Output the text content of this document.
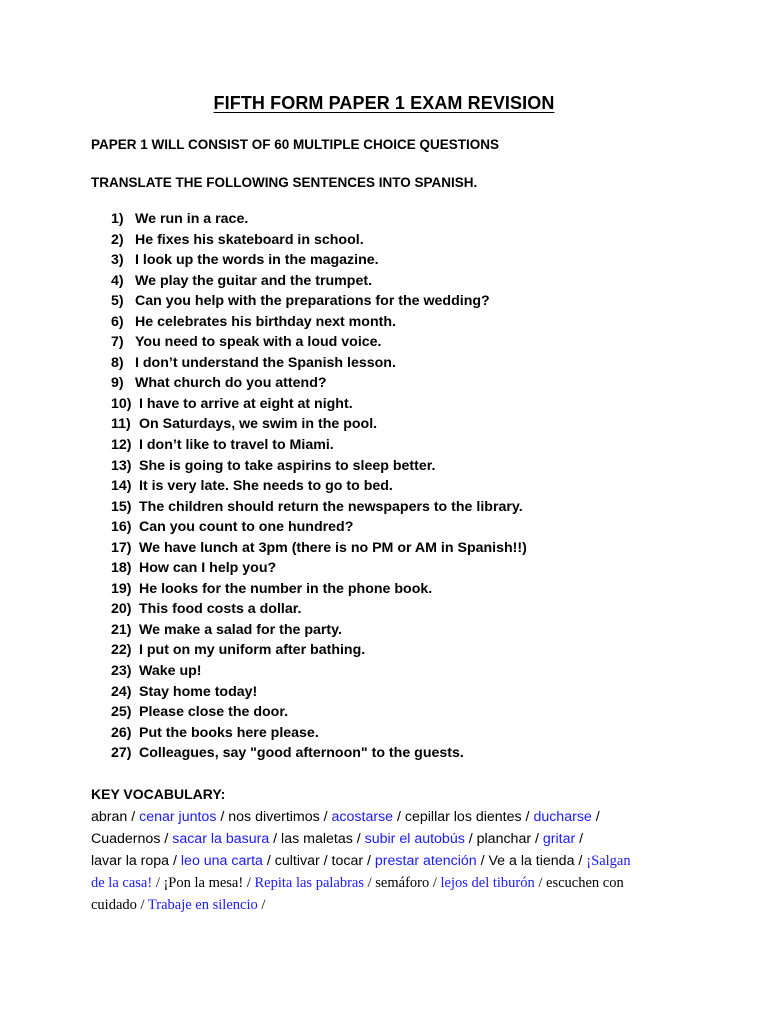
FIFTH FORM PAPER 1 EXAM REVISION
PAPER 1 WILL CONSIST OF 60 MULTIPLE CHOICE QUESTIONS
TRANSLATE THE FOLLOWING SENTENCES INTO SPANISH.
1) We run in a race.
2) He fixes his skateboard in school.
3) I look up the words in the magazine.
4) We play the guitar and the trumpet.
5) Can you help with the preparations for the wedding?
6) He celebrates his birthday next month.
7) You need to speak with a loud voice.
8) I don’t understand the Spanish lesson.
9) What church do you attend?
10) I have to arrive at eight at night.
11) On Saturdays, we swim in the pool.
12) I don’t like to travel to Miami.
13) She is going to take aspirins to sleep better.
14) It is very late. She needs to go to bed.
15) The children should return the newspapers to the library.
16) Can you count to one hundred?
17) We have lunch at 3pm (there is no PM or AM in Spanish!!)
18) How can I help you?
19) He looks for the number in the phone book.
20) This food costs a dollar.
21) We make a salad for the party.
22) I put on my uniform after bathing.
23) Wake up!
24) Stay home today!
25) Please close the door.
26) Put the books here please.
27) Colleagues, say "good afternoon" to the guests.
KEY VOCABULARY:
abran / cenar juntos / nos divertimos / acostarse / cepillar los dientes / ducharse /
Cuadernos / sacar la basura / las maletas / subir el autobús / planchar / gritar /
lavar la ropa / leo una carta / cultivar / tocar / prestar atención / Ve a la tienda / ¡Salgan
de la casa! / ¡Pon la mesa! / Repita las palabras / semáforo / lejos del tiburón / escuchen con
cuidado / Trabaje en silencio /
